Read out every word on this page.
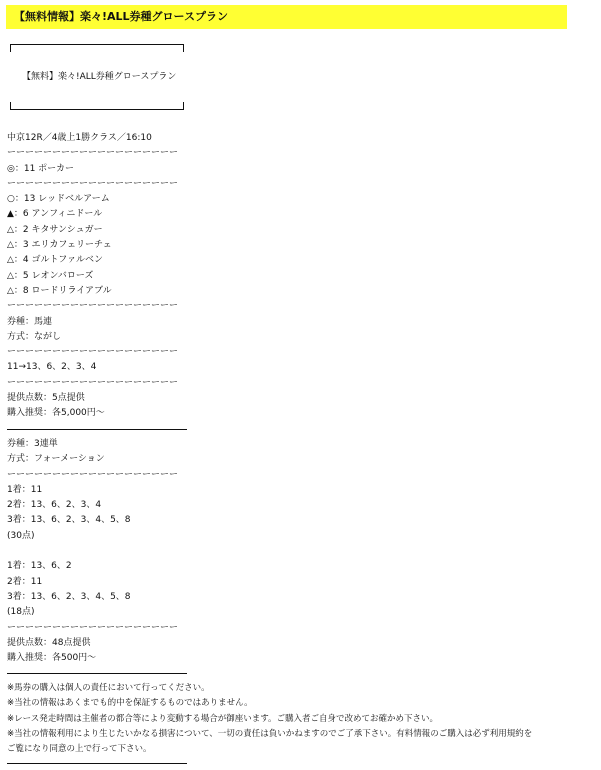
【無料情報】楽々!ALL券種グロースプラン
【無料】楽々!ALL券種グロースプラン
中京12R／4歳上1勝クラス／16:10
ーーーーーーーーーーーーーーーーーーー
◎：11 ポーカー
ーーーーーーーーーーーーーーーーーーー
○：13 レッドベルアーム
▲：6 アンフィニドール
△：2 キタサンシュガー
△：3 エリカフェリーチェ
△：4 ゴルトファルベン
△：5 レオンバローズ
△：8 ロードリライアブル
ーーーーーーーーーーーーーーーーーーー
券種：馬連
方式：ながし
ーーーーーーーーーーーーーーーーーーー
11→13、6、2、3、4
ーーーーーーーーーーーーーーーーーーー
提供点数：5点提供
購入推奨：各5,000円～
券種：3連単
方式：フォーメーション
ーーーーーーーーーーーーーーーーーーー
1着：11
2着：13、6、2、3、4
3着：13、6、2、3、4、5、8
(30点)
1着：13、6、2
2着：11
3着：13、6、2、3、4、5、8
(18点)
ーーーーーーーーーーーーーーーーーーー
提供点数：48点提供
購入推奨：各500円～
※馬券の購入は個人の責任において行ってください。
※当社の情報はあくまでも的中を保証するものではありません。
※レース発走時間は主催者の都合等により変動する場合が御座います。ご購入者ご自身で改めてお確かめ下さい。
※当社の情報利用により生じたいかなる損害について、一切の責任は負いかねますのでご了承下さい。有料情報のご購入は必ず利用規約を
ご覧になり同意の上で行って下さい。
